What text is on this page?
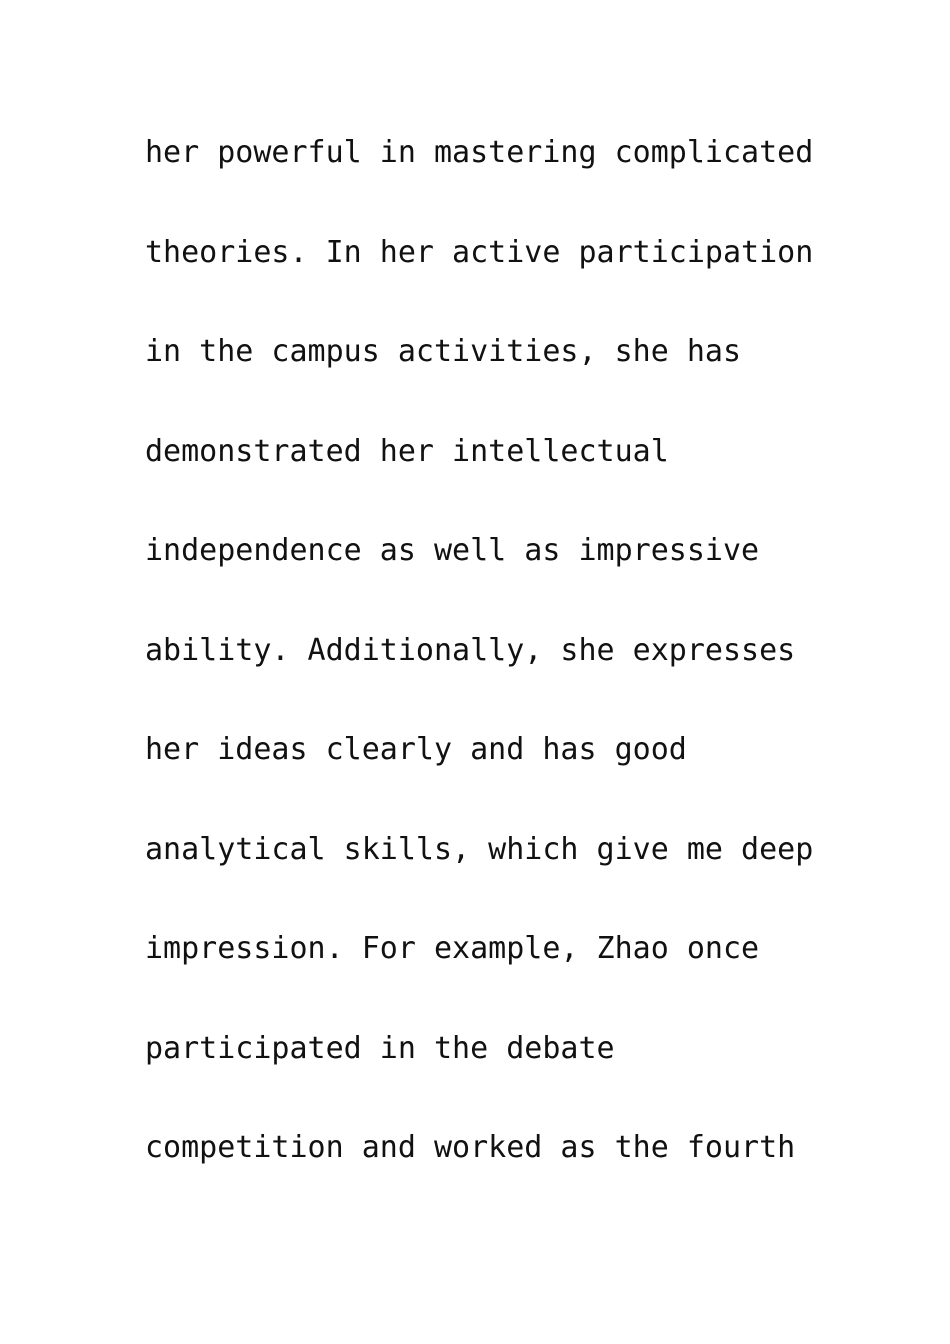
her powerful in mastering complicated
theories. In her active participation
in the campus activities, she has
demonstrated her intellectual
independence as well as impressive
ability. Additionally, she expresses
her ideas clearly and has good
analytical skills, which give me deep
impression. For example, Zhao once
participated in the debate
competition and worked as the fourth
